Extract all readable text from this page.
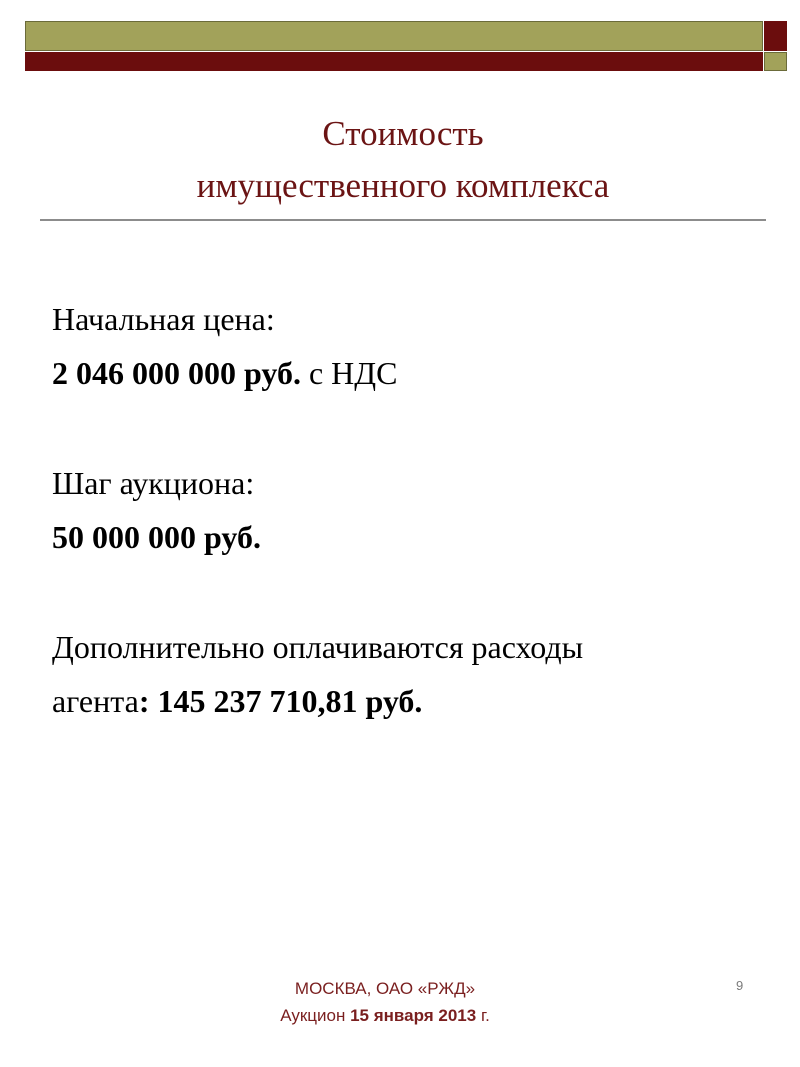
Стоимость
имущественного комплекса
Начальная цена:
2 046 000 000 руб. с НДС
Шаг аукциона:
50 000 000 руб.
Дополнительно оплачиваются расходы
агента: 145 237 710,81 руб.
МОСКВА, ОАО «РЖД»
Аукцион 15 января 2013 г.
9
